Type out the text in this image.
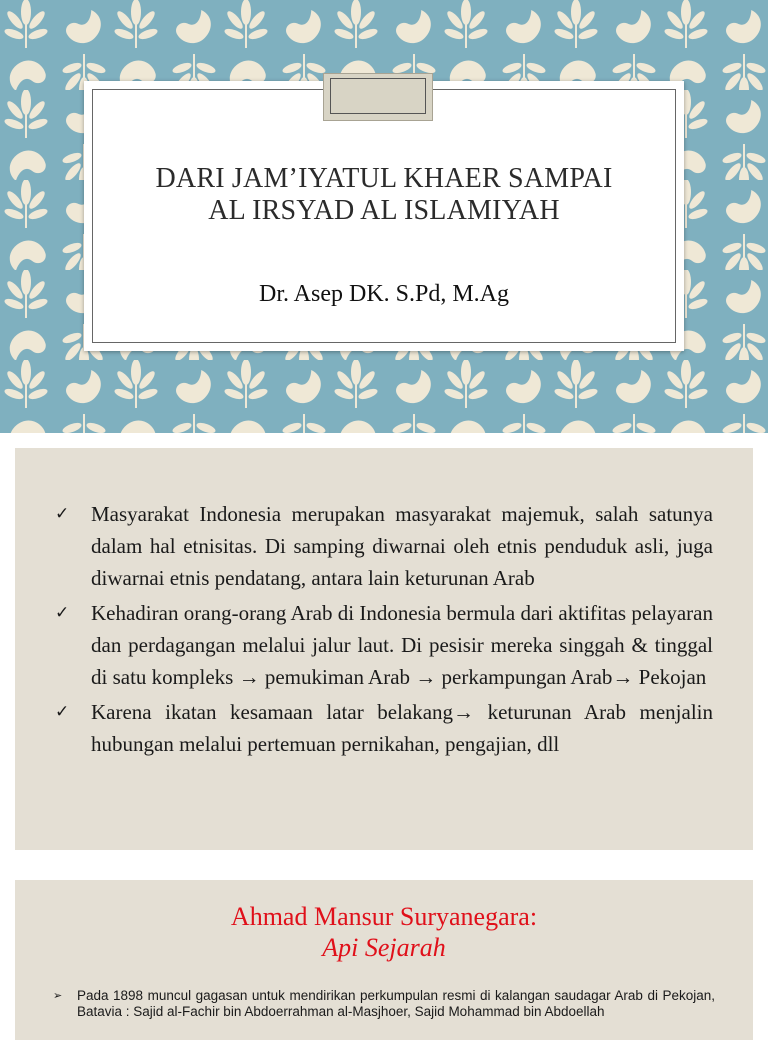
DARI JAM’IYATUL KHAER SAMPAI
AL IRSYAD AL ISLAMIYAH
Dr. Asep DK. S.Pd, M.Ag
✓ Masyarakat Indonesia merupakan masyarakat majemuk, salah satunya dalam hal etnisitas. Di samping diwarnai oleh etnis penduduk asli, juga diwarnai etnis pendatang, antara lain keturunan Arab
✓ Kehadiran orang-orang Arab di Indonesia bermula dari aktifitas pelayaran dan perdagangan melalui jalur laut. Di pesisir mereka singgah & tinggal di satu kompleks → pemukiman Arab → perkampungan Arab→ Pekojan
✓ Karena ikatan kesamaan latar belakang→ keturunan Arab menjalin hubungan melalui pertemuan pernikahan, pengajian, dll
Ahmad Mansur Suryanegara:
Api Sejarah
➢ Pada 1898 muncul gagasan untuk mendirikan perkumpulan resmi di kalangan saudagar Arab di Pekojan, Batavia : Sajid al-Fachir bin Abdoerrahman al-Masjhoer, Sajid Mohammad bin Abdoellah
